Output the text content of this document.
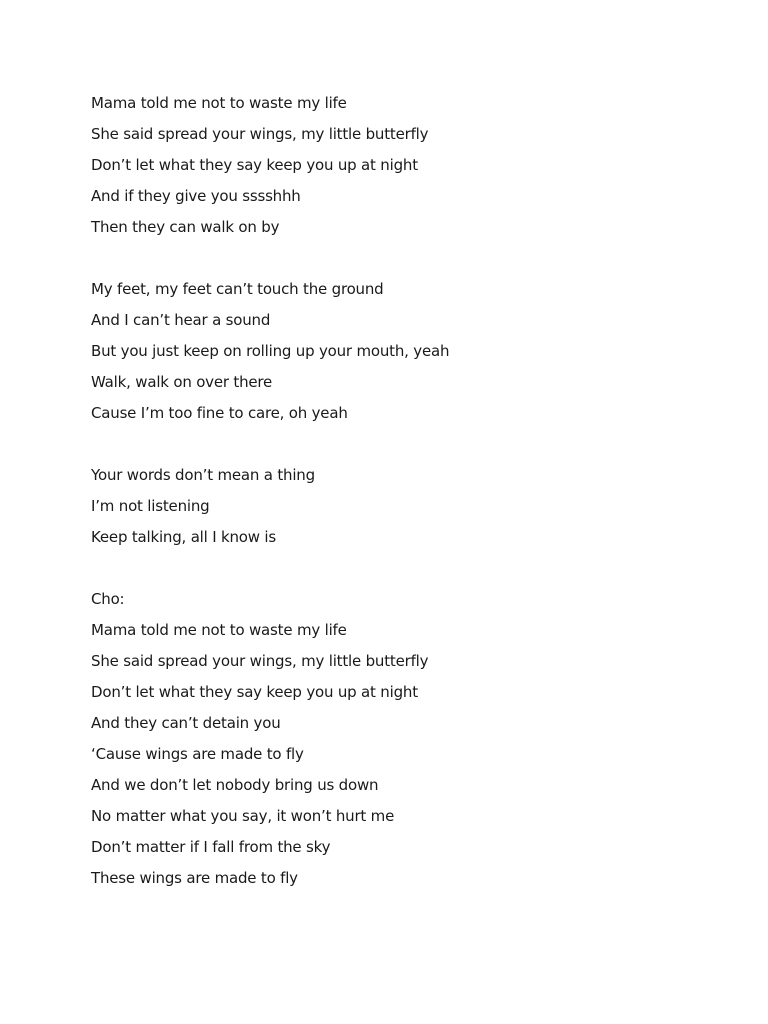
Mama told me not to waste my life
She said spread your wings, my little butterfly
Don’t let what they say keep you up at night
And if they give you sssshhh
Then they can walk on by
My feet, my feet can’t touch the ground
And I can’t hear a sound
But you just keep on rolling up your mouth, yeah
Walk, walk on over there
Cause I’m too fine to care, oh yeah
Your words don’t mean a thing
I’m not listening
Keep talking, all I know is
Cho:
Mama told me not to waste my life
She said spread your wings, my little butterfly
Don’t let what they say keep you up at night
And they can’t detain you
‘Cause wings are made to fly
And we don’t let nobody bring us down
No matter what you say, it won’t hurt me
Don’t matter if I fall from the sky
These wings are made to fly
